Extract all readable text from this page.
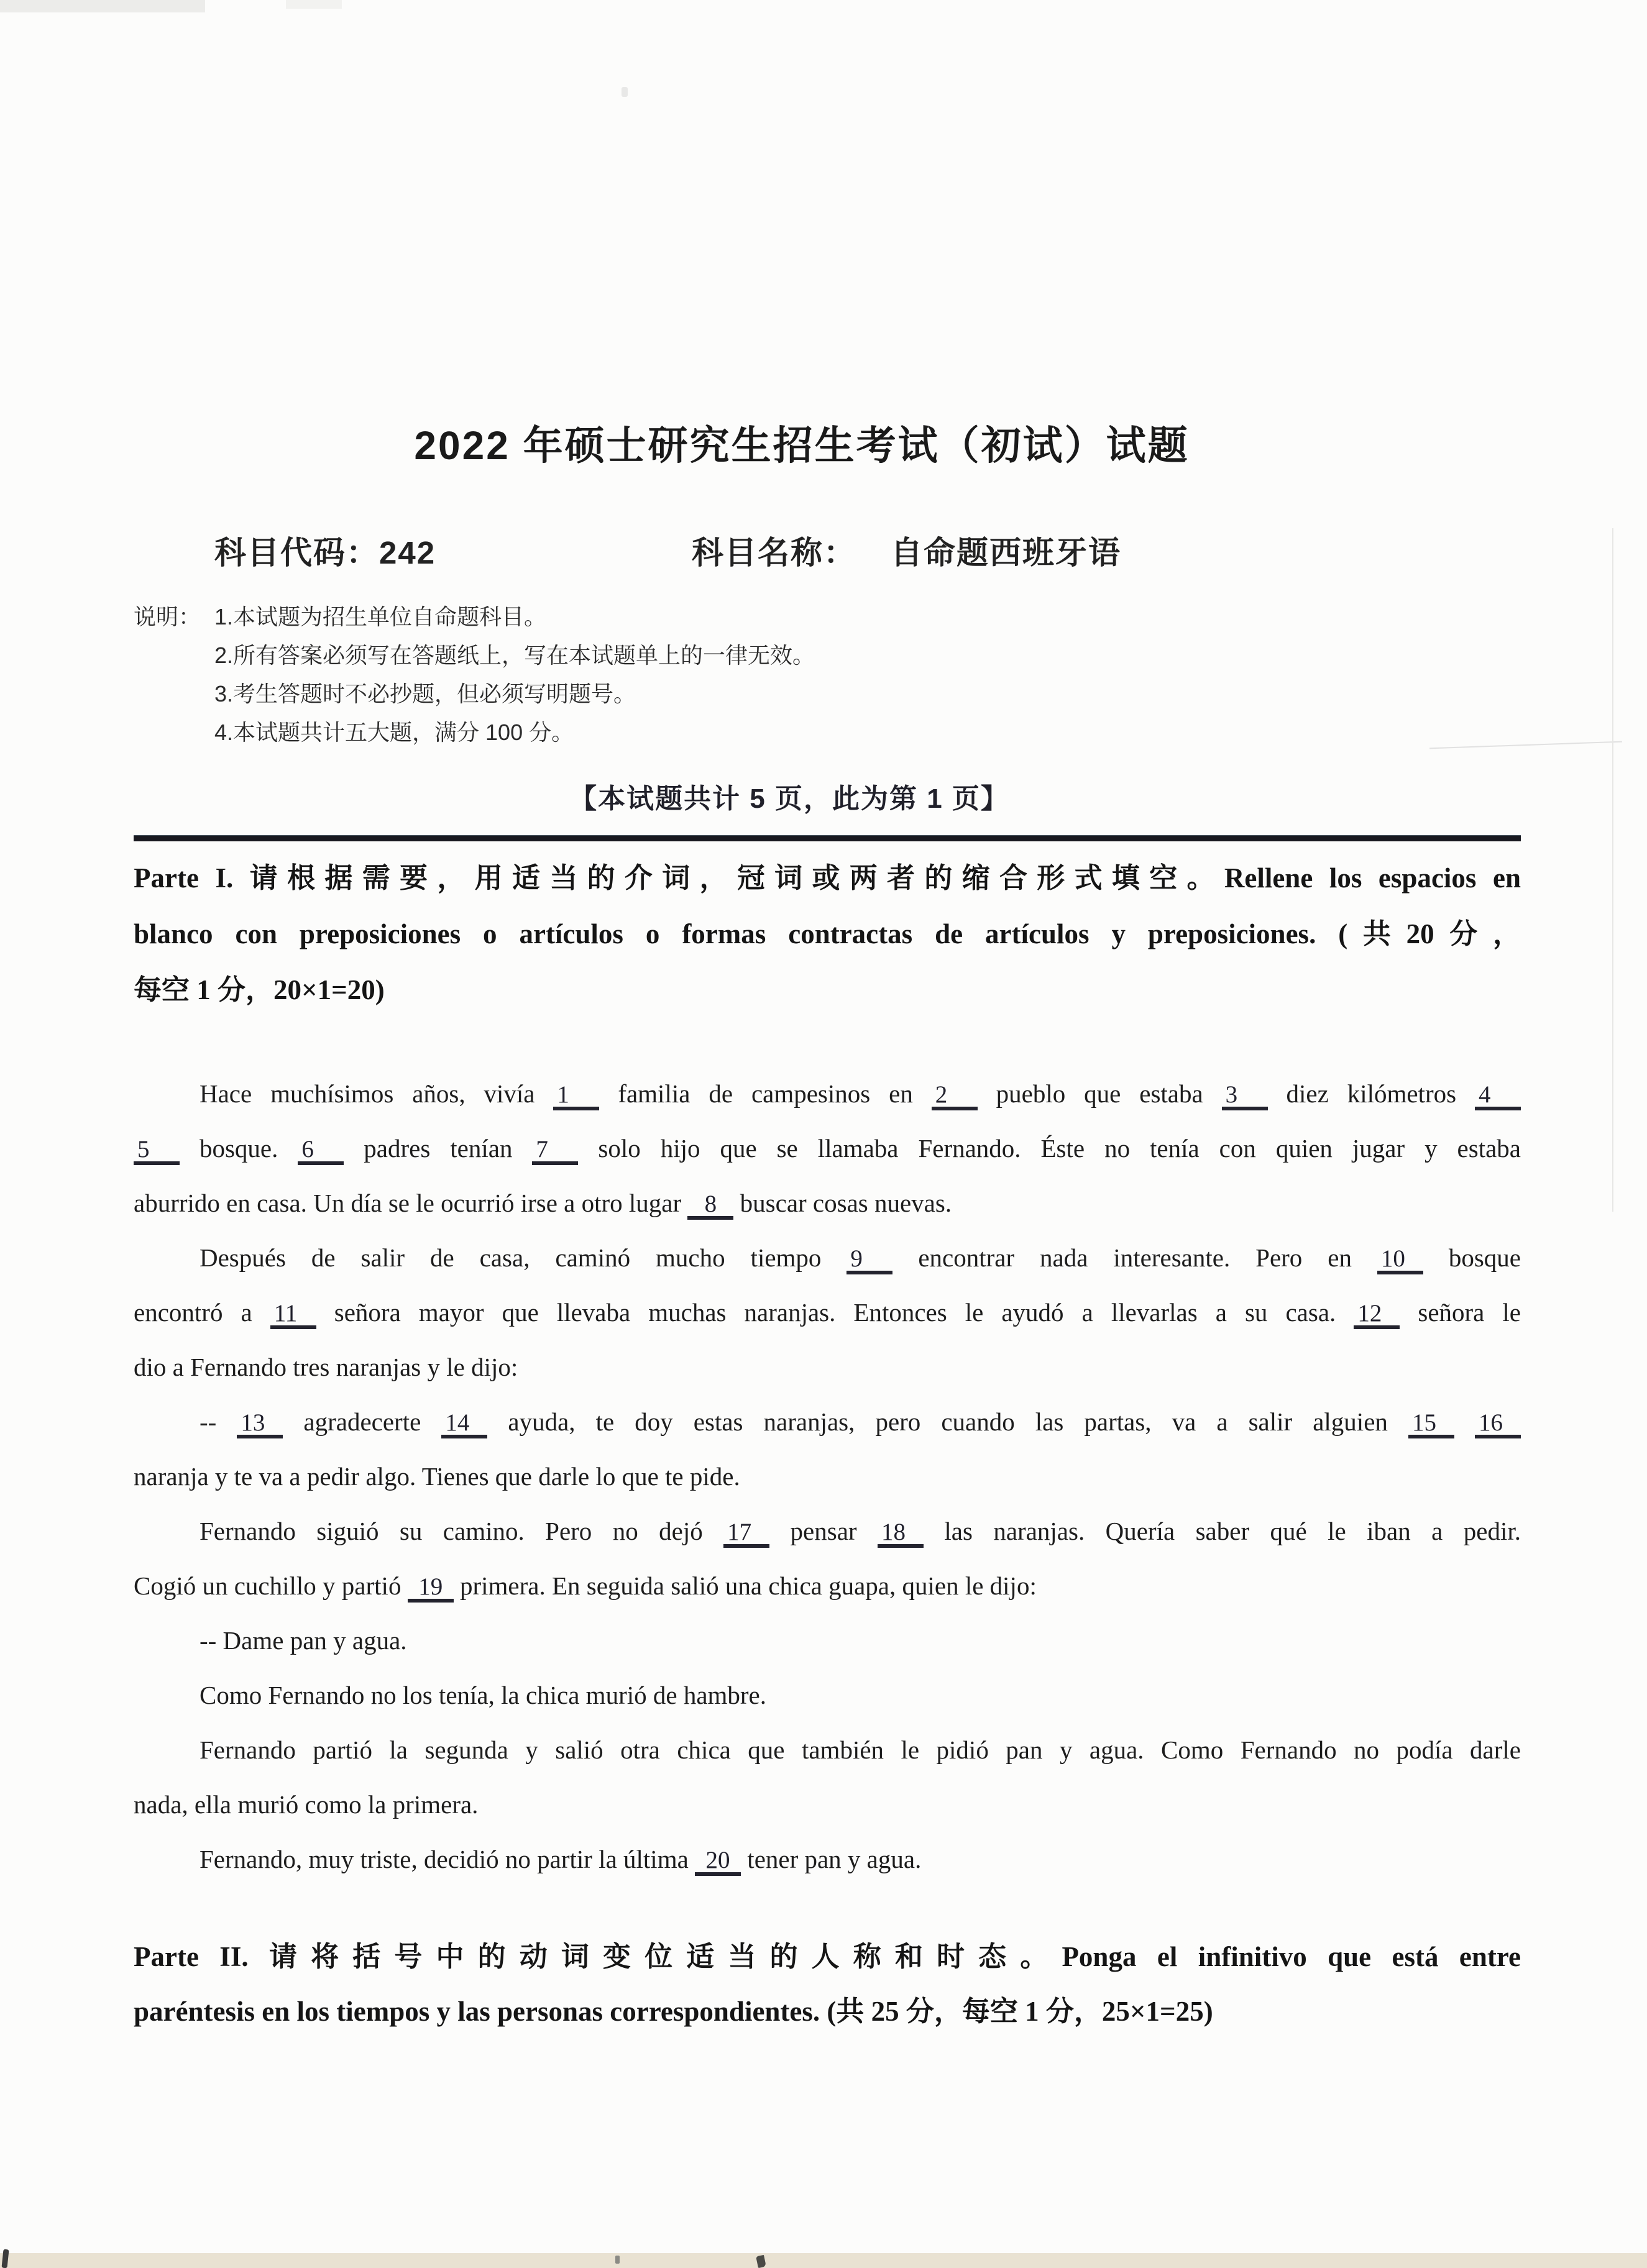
2022 年硕士研究生招生考试（初试）试题
科目代码：242	科目名称： 自命题西班牙语
说明： 1.本试题为招生单位自命题科目。
2.所有答案必须写在答题纸上，写在本试题单上的一律无效。
3.考生答题时不必抄题，但必须写明题号。
4.本试题共计五大题，满分 100 分。
【本试题共计 5 页，此为第 1 页】
Parte I. 请根据需要，用适当的介词，冠词或两者的缩合形式填空。Rellene los espacios en
blanco con preposiciones o artículos o formas contractas de artículos y preposiciones. (共20分，
每空 1 分，20×1=20)
Hace muchísimos años, vivía 1 familia de campesinos en 2 pueblo que estaba 3 diez kilómetros 4
5 bosque. 6 padres tenían 7 solo hijo que se llamaba Fernando. Éste no tenía con quien jugar y estaba
aburrido en casa. Un día se le ocurrió irse a otro lugar 8 buscar cosas nuevas.
Después de salir de casa, caminó mucho tiempo 9 encontrar nada interesante. Pero en 10 bosque
encontró a 11 señora mayor que llevaba muchas naranjas. Entonces le ayudó a llevarlas a su casa. 12 señora le
dio a Fernando tres naranjas y le dijo:
-- 13 agradecerte 14 ayuda, te doy estas naranjas, pero cuando las partas, va a salir alguien 15 16
naranja y te va a pedir algo. Tienes que darle lo que te pide.
Fernando siguió su camino. Pero no dejó 17 pensar 18 las naranjas. Quería saber qué le iban a pedir.
Cogió un cuchillo y partió 19 primera. En seguida salió una chica guapa, quien le dijo:
-- Dame pan y agua.
Como Fernando no los tenía, la chica murió de hambre.
Fernando partió la segunda y salió otra chica que también le pidió pan y agua. Como Fernando no podía darle
nada, ella murió como la primera.
Fernando, muy triste, decidió no partir la última 20 tener pan y agua.
Parte II. 请将括号中的动词变位适当的人称和时态。Ponga el infinitivo que está entre
paréntesis en los tiempos y las personas correspondientes. (共 25 分，每空 1 分，25×1=25)
